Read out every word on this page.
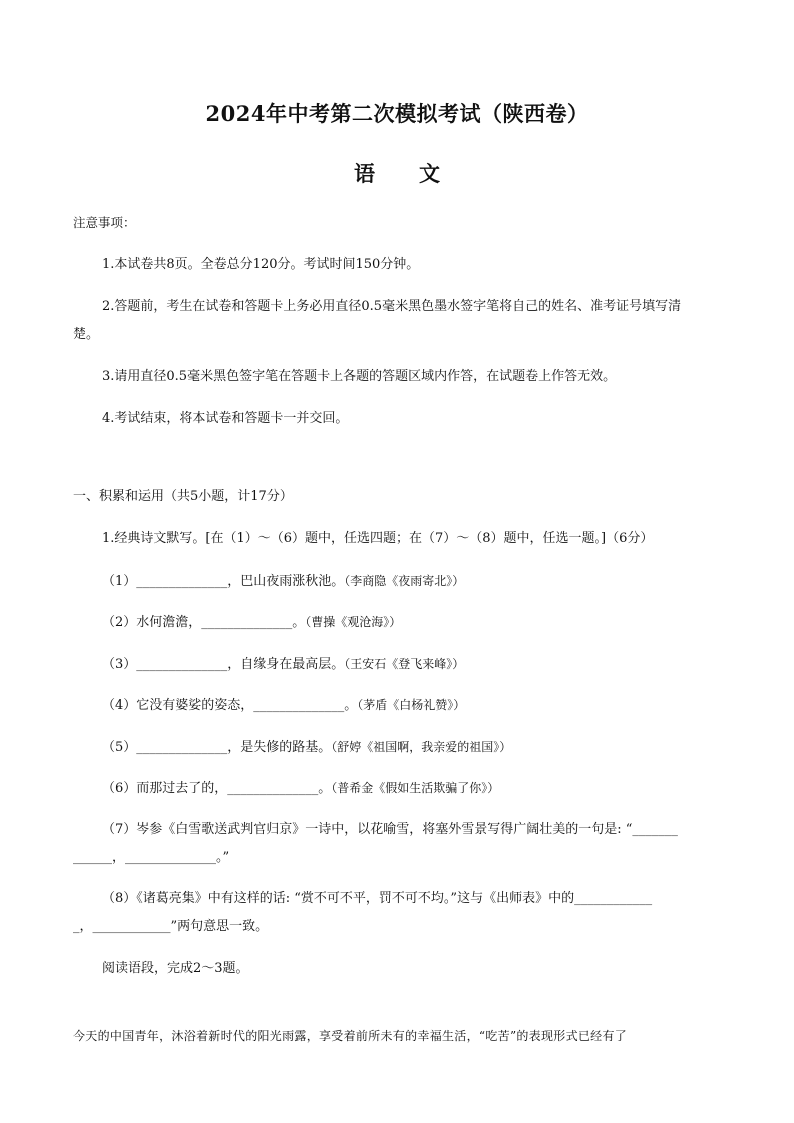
2024年中考第二次模拟考试（陕西卷）
语文
注意事项：
1.本试卷共8页。全卷总分120分。考试时间150分钟。
2.答题前，考生在试卷和答题卡上务必用直径0.5毫米黑色墨水签字笔将自己的姓名、准考证号填写清
楚。
3.请用直径0.5毫米黑色签字笔在答题卡上各题的答题区域内作答，在试题卷上作答无效。
4.考试结束，将本试卷和答题卡一并交回。
一、积累和运用（共5小题，计17分）
1.经典诗文默写。[在（1）～（6）题中，任选四题；在（7）～（8）题中，任选一题。]（6分）
（1）______________，巴山夜雨涨秋池。（李商隐《夜雨寄北》）
（2）水何澹澹，______________。（曹操《观沧海》）
（3）______________，自缘身在最高层。（王安石《登飞来峰》）
（4）它没有婆娑的姿态，______________。（茅盾《白杨礼赞》）
（5）______________，是失修的路基。（舒婷《祖国啊，我亲爱的祖国》）
（6）而那过去了的，______________。（普希金《假如生活欺骗了你》）
（7）岑参《白雪歌送武判官归京》一诗中，以花喻雪，将塞外雪景写得广阔壮美的一句是: “_______
______，______________。”
（8）《诸葛亮集》中有这样的话: “赏不可不平，罚不可不均。”这与《出师表》中的____________
_，____________”两句意思一致。
阅读语段，完成2～3题。
今天的中国青年，沐浴着新时代的阳光雨露，享受着前所未有的幸福生活，“吃苦”的表现形式已经有了
